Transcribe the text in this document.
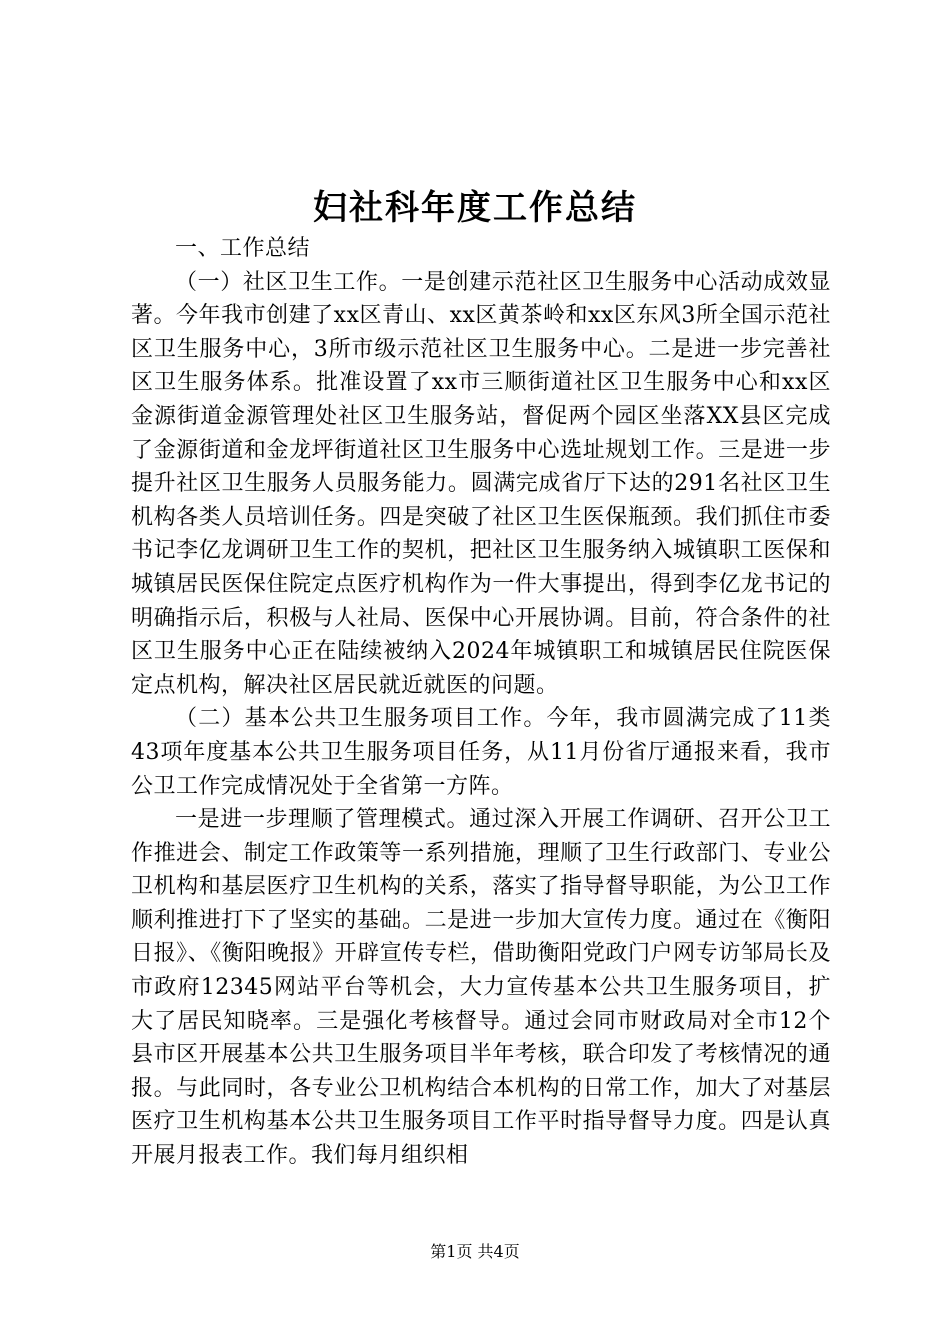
妇社科年度工作总结

一、工作总结

（一）社区卫生工作。一是创建示范社区卫生服务中心活动成效显著。今年我市创建了xx区青山、xx区黄茶岭和xx区东风3所全国示范社区卫生服务中心，3所市级示范社区卫生服务中心。二是进一步完善社区卫生服务体系。批准设置了xx市三顺街道社区卫生服务中心和xx区金源街道金源管理处社区卫生服务站，督促两个园区坐落XX县区完成了金源街道和金龙坪街道社区卫生服务中心选址规划工作。三是进一步提升社区卫生服务人员服务能力。圆满完成省厅下达的291名社区卫生机构各类人员培训任务。四是突破了社区卫生医保瓶颈。我们抓住市委书记李亿龙调研卫生工作的契机，把社区卫生服务纳入城镇职工医保和城镇居民医保住院定点医疗机构作为一件大事提出，得到李亿龙书记的明确指示后，积极与人社局、医保中心开展协调。目前，符合条件的社区卫生服务中心正在陆续被纳入2024年城镇职工和城镇居民住院医保定点机构，解决社区居民就近就医的问题。

（二）基本公共卫生服务项目工作。今年，我市圆满完成了11类43项年度基本公共卫生服务项目任务，从11月份省厅通报来看，我市公卫工作完成情况处于全省第一方阵。

一是进一步理顺了管理模式。通过深入开展工作调研、召开公卫工作推进会、制定工作政策等一系列措施，理顺了卫生行政部门、专业公卫机构和基层医疗卫生机构的关系，落实了指导督导职能，为公卫工作顺利推进打下了坚实的基础。二是进一步加大宣传力度。通过在《衡阳日报》、《衡阳晚报》开辟宣传专栏，借助衡阳党政门户网专访邹局长及市政府12345网站平台等机会，大力宣传基本公共卫生服务项目，扩大了居民知晓率。三是强化考核督导。通过会同市财政局对全市12个县市区开展基本公共卫生服务项目半年考核，联合印发了考核情况的通报。与此同时，各专业公卫机构结合本机构的日常工作，加大了对基层医疗卫生机构基本公共卫生服务项目工作平时指导督导力度。四是认真开展月报表工作。我们每月组织相

第1页 共4页
